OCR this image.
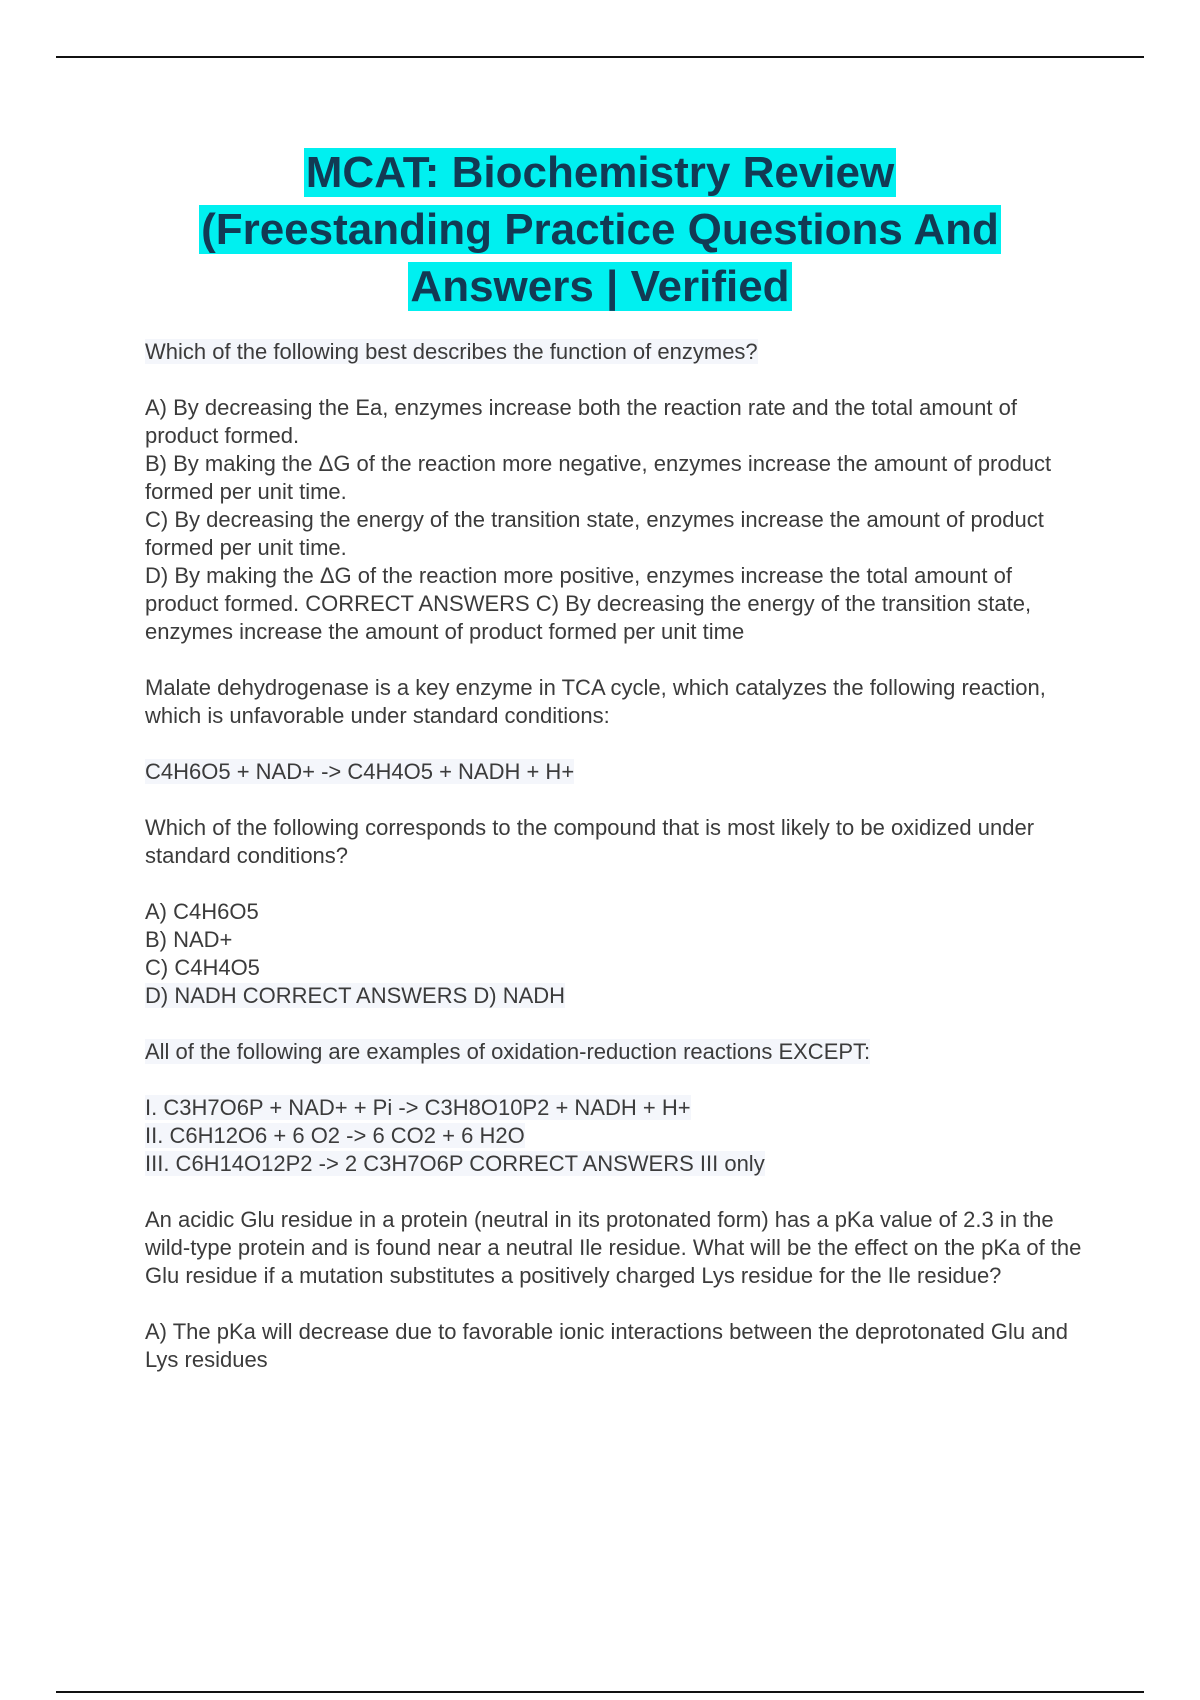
MCAT: Biochemistry Review
(Freestanding Practice Questions And
Answers | Verified

Which of the following best describes the function of enzymes?

A) By decreasing the Ea, enzymes increase both the reaction rate and the total amount of product formed.

B) By making the ΔG of the reaction more negative, enzymes increase the amount of product formed per unit time.

C) By decreasing the energy of the transition state, enzymes increase the amount of product formed per unit time.

D) By making the ΔG of the reaction more positive, enzymes increase the total amount of product formed. CORRECT ANSWERS C) By decreasing the energy of the transition state, enzymes increase the amount of product formed per unit time

Malate dehydrogenase is a key enzyme in TCA cycle, which catalyzes the following reaction, which is unfavorable under standard conditions:

C4H6O5 + NAD+ -> C4H4O5 + NADH + H+

Which of the following corresponds to the compound that is most likely to be oxidized under standard conditions?

A) C4H6O5

B) NAD+

C) C4H4O5

D) NADH CORRECT ANSWERS D) NADH

All of the following are examples of oxidation-reduction reactions EXCEPT:

I. C3H7O6P + NAD+ + Pi -> C3H8O10P2 + NADH + H+

II. C6H12O6 + 6 O2 -> 6 CO2 + 6 H2O

III. C6H14O12P2 -> 2 C3H7O6P CORRECT ANSWERS III only

An acidic Glu residue in a protein (neutral in its protonated form) has a pKa value of 2.3 in the wild-type protein and is found near a neutral Ile residue. What will be the effect on the pKa of the Glu residue if a mutation substitutes a positively charged Lys residue for the Ile residue?

A) The pKa will decrease due to favorable ionic interactions between the deprotonated Glu and Lys residues
